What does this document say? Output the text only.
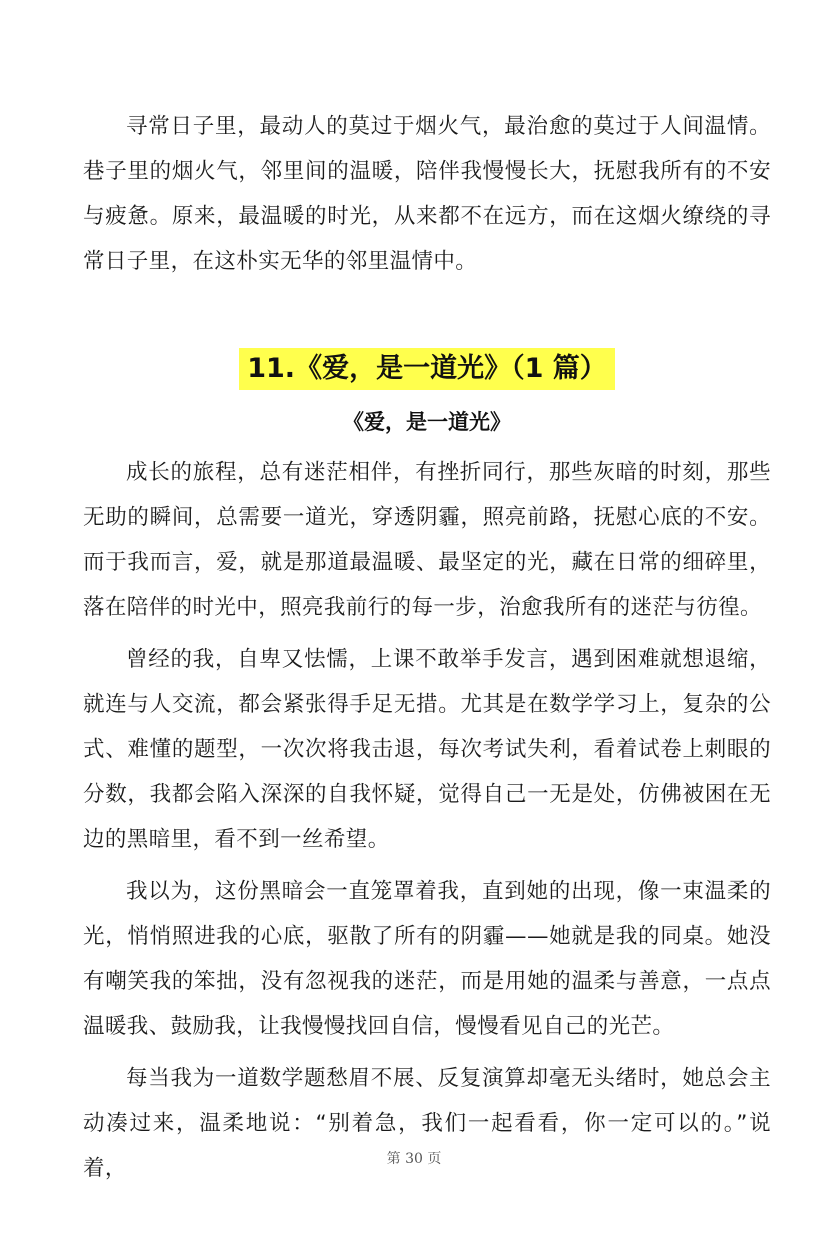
寻常日子里，最动人的莫过于烟火气，最治愈的莫过于人间温情。巷子里的烟火气，邻里间的温暖，陪伴我慢慢长大，抚慰我所有的不安与疲惫。原来，最温暖的时光，从来都不在远方，而在这烟火缭绕的寻常日子里，在这朴实无华的邻里温情中。

11.《爱，是一道光》（1 篇）
《爱，是一道光》

成长的旅程，总有迷茫相伴，有挫折同行，那些灰暗的时刻，那些无助的瞬间，总需要一道光，穿透阴霾，照亮前路，抚慰心底的不安。而于我而言，爱，就是那道最温暖、最坚定的光，藏在日常的细碎里，落在陪伴的时光中，照亮我前行的每一步，治愈我所有的迷茫与彷徨。

曾经的我，自卑又怯懦，上课不敢举手发言，遇到困难就想退缩，就连与人交流，都会紧张得手足无措。尤其是在数学学习上，复杂的公式、难懂的题型，一次次将我击退，每次考试失利，看着试卷上刺眼的分数，我都会陷入深深的自我怀疑，觉得自己一无是处，仿佛被困在无边的黑暗里，看不到一丝希望。

我以为，这份黑暗会一直笼罩着我，直到她的出现，像一束温柔的光，悄悄照进我的心底，驱散了所有的阴霾——她就是我的同桌。她没有嘲笑我的笨拙，没有忽视我的迷茫，而是用她的温柔与善意，一点点温暖我、鼓励我，让我慢慢找回自信，慢慢看见自己的光芒。

每当我为一道数学题愁眉不展、反复演算却毫无头绪时，她总会主动凑过来，温柔地说：“别着急，我们一起看看，你一定可以的。”说着，	第 30 页
